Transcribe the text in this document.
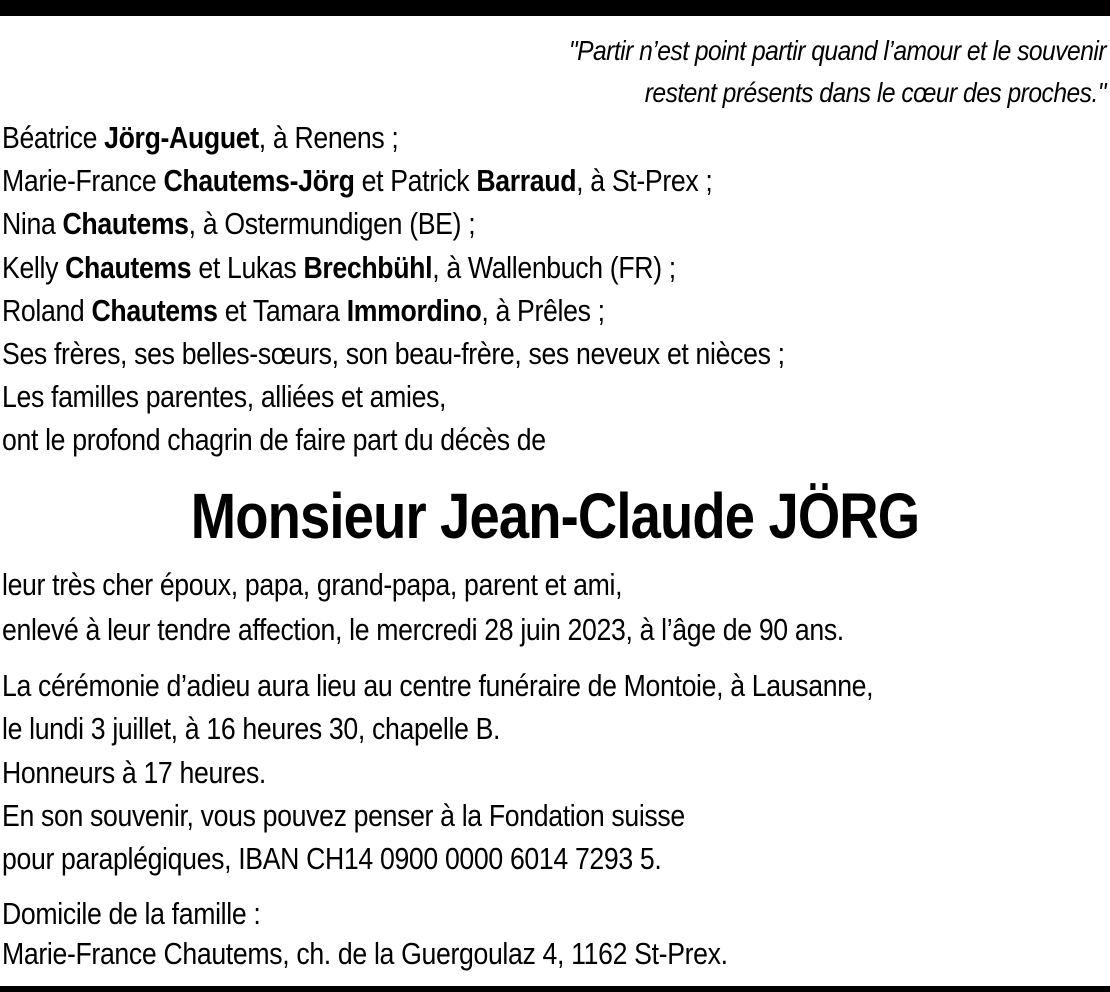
"Partir n’est point partir quand l’amour et le souvenir
restent présents dans le cœur des proches."
Béatrice Jörg-Auguet, à Renens ;
Marie-France Chautems-Jörg et Patrick Barraud, à St-Prex ;
Nina Chautems, à Ostermundigen (BE) ;
Kelly Chautems et Lukas Brechbühl, à Wallenbuch (FR) ;
Roland Chautems et Tamara Immordino, à Prêles ;
Ses frères, ses belles-sœurs, son beau-frère, ses neveux et nièces ;
Les familles parentes, alliées et amies,
ont le profond chagrin de faire part du décès de
Monsieur Jean-Claude JÖRG
leur très cher époux, papa, grand-papa, parent et ami,
enlevé à leur tendre affection, le mercredi 28 juin 2023, à l’âge de 90 ans.
La cérémonie d’adieu aura lieu au centre funéraire de Montoie, à Lausanne,
le lundi 3 juillet, à 16 heures 30, chapelle B.
Honneurs à 17 heures.
En son souvenir, vous pouvez penser à la Fondation suisse
pour paraplégiques, IBAN CH14 0900 0000 6014 7293 5.
Domicile de la famille :
Marie-France Chautems, ch. de la Guergoulaz 4, 1162 St-Prex.
